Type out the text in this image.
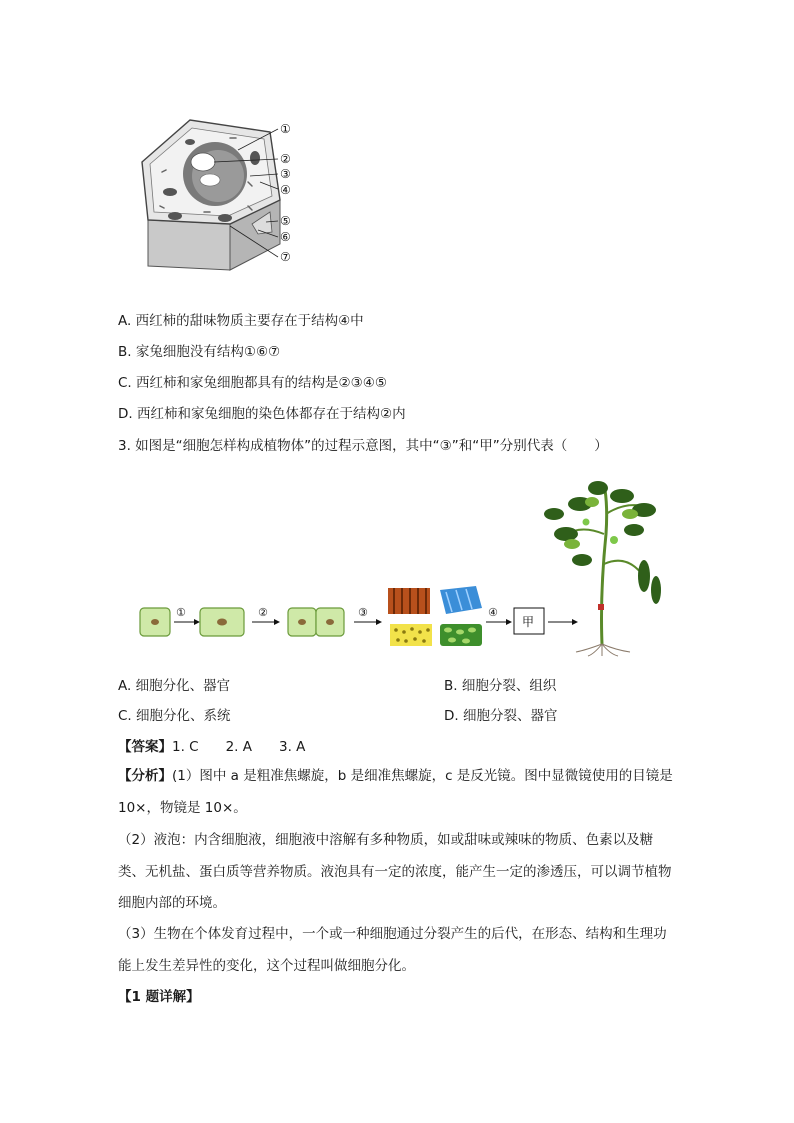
①
②
③
④
⑤
⑥
⑦
A. 西红柿的甜味物质主要存在于结构④中
B. 家兔细胞没有结构①⑥⑦
C. 西红柿和家兔细胞都具有的结构是②③④⑤
D. 西红柿和家兔细胞的染色体都存在于结构②内
3. 如图是“细胞怎样构成植物体”的过程示意图，其中“③”和“甲”分别代表（　　）
①	②	③	④
甲
A. 细胞分化、器官	B. 细胞分裂、组织
C. 细胞分化、系统	D. 细胞分裂、器官
【答案】1. C　　2. A　　3. A
【分析】(1）图中 a 是粗准焦螺旋，b 是细准焦螺旋，c 是反光镜。图中显微镜使用的目镜是 10×，物镜是 10×。
（2）液泡：内含细胞液，细胞液中溶解有多种物质，如或甜味或辣味的物质、色素以及糖类、无机盐、蛋白质等营养物质。液泡具有一定的浓度，能产生一定的渗透压，可以调节植物细胞内部的环境。
（3）生物在个体发育过程中，一个或一种细胞通过分裂产生的后代，在形态、结构和生理功能上发生差异性的变化，这个过程叫做细胞分化。
【1 题详解】
